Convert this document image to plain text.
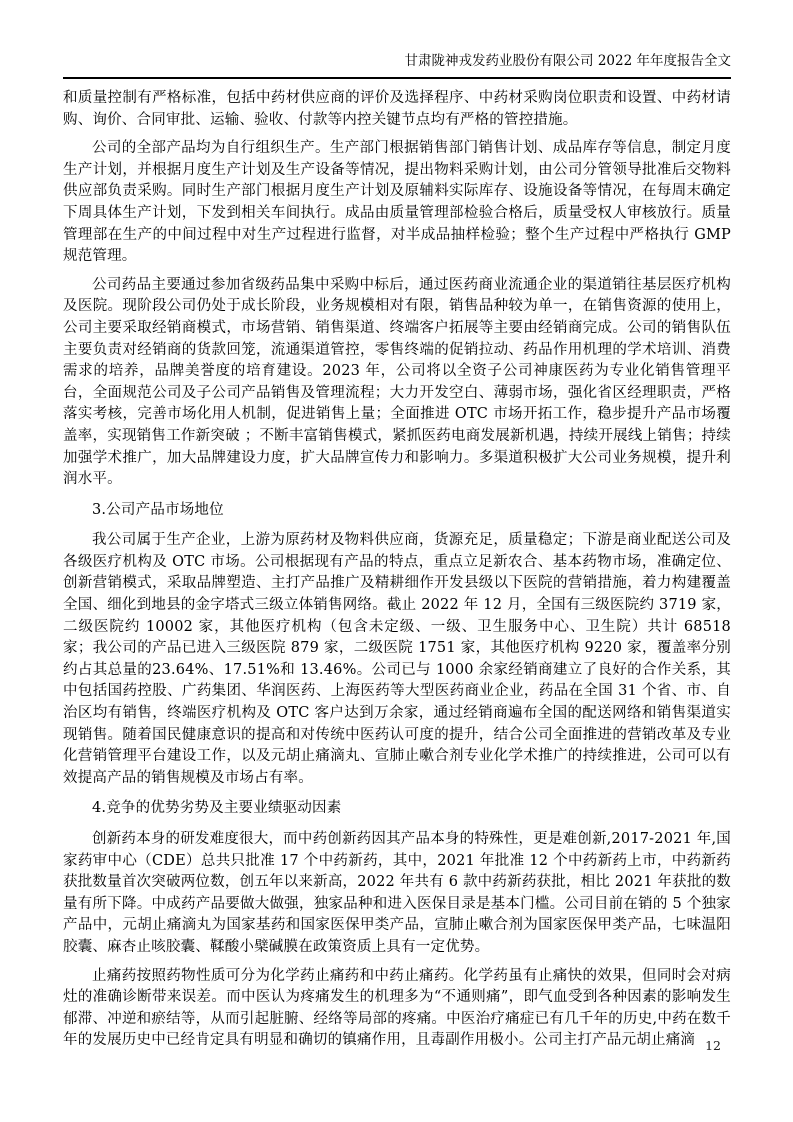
甘肃陇神戎发药业股份有限公司 2022 年年度报告全文

和质量控制有严格标准，包括中药材供应商的评价及选择程序、中药材采购岗位职责和设置、中药材请购、询价、合同审批、运输、验收、付款等内控关键节点均有严格的管控措施。

公司的全部产品均为自行组织生产。生产部门根据销售部门销售计划、成品库存等信息，制定月度生产计划，并根据月度生产计划及生产设备等情况，提出物料采购计划，由公司分管领导批准后交物料供应部负责采购。同时生产部门根据月度生产计划及原辅料实际库存、设施设备等情况，在每周末确定下周具体生产计划，下发到相关车间执行。成品由质量管理部检验合格后，质量受权人审核放行。质量管理部在生产的中间过程中对生产过程进行监督，对半成品抽样检验；整个生产过程中严格执行 GMP 规范管理。

公司药品主要通过参加省级药品集中采购中标后，通过医药商业流通企业的渠道销往基层医疗机构及医院。现阶段公司仍处于成长阶段，业务规模相对有限，销售品种较为单一，在销售资源的使用上，公司主要采取经销商模式，市场营销、销售渠道、终端客户拓展等主要由经销商完成。公司的销售队伍主要负责对经销商的货款回笼，流通渠道管控，零售终端的促销拉动、药品作用机理的学术培训、消费需求的培养，品牌美誉度的培育建设。2023 年，公司将以全资子公司神康医药为专业化销售管理平台，全面规范公司及子公司产品销售及管理流程；大力开发空白、薄弱市场，强化省区经理职责，严格落实考核，完善市场化用人机制，促进销售上量；全面推进 OTC 市场开拓工作，稳步提升产品市场覆盖率，实现销售工作新突破 ；不断丰富销售模式，紧抓医药电商发展新机遇，持续开展线上销售；持续加强学术推广，加大品牌建设力度，扩大品牌宣传力和影响力。多渠道积极扩大公司业务规模，提升利润水平。

3.公司产品市场地位

我公司属于生产企业，上游为原药材及物料供应商，货源充足，质量稳定；下游是商业配送公司及各级医疗机构及 OTC 市场。公司根据现有产品的特点，重点立足新农合、基本药物市场，准确定位、创新营销模式，采取品牌塑造、主打产品推广及精耕细作开发县级以下医院的营销措施，着力构建覆盖全国、细化到地县的金字塔式三级立体销售网络。截止 2022 年 12 月，全国有三级医院约 3719 家，二级医院约 10002 家，其他医疗机构（包含未定级、一级、卫生服务中心、卫生院）共计 68518 家；我公司的产品已进入三级医院 879 家，二级医院 1751 家，其他医疗机构 9220 家，覆盖率分别约占其总量的23.64%、17.51%和 13.46%。公司已与 1000 余家经销商建立了良好的合作关系，其中包括国药控股、广药集团、华润医药、上海医药等大型医药商业企业，药品在全国 31 个省、市、自治区均有销售，终端医疗机构及 OTC 客户达到万余家，通过经销商遍布全国的配送网络和销售渠道实现销售。随着国民健康意识的提高和对传统中医药认可度的提升，结合公司全面推进的营销改革及专业化营销管理平台建设工作，以及元胡止痛滴丸、宣肺止嗽合剂专业化学术推广的持续推进，公司可以有效提高产品的销售规模及市场占有率。

4.竞争的优势劣势及主要业绩驱动因素

创新药本身的研发难度很大，而中药创新药因其产品本身的特殊性，更是难创新,2017-2021 年,国家药审中心（CDE）总共只批准 17 个中药新药，其中，2021 年批准 12 个中药新药上市，中药新药获批数量首次突破两位数，创五年以来新高，2022 年共有 6 款中药新药获批，相比 2021 年获批的数量有所下降。中成药产品要做大做强，独家品种和进入医保目录是基本门槛。公司目前在销的 5 个独家产品中，元胡止痛滴丸为国家基药和国家医保甲类产品，宣肺止嗽合剂为国家医保甲类产品，七味温阳胶囊、麻杏止咳胶囊、鞣酸小檗碱膜在政策资质上具有一定优势。

止痛药按照药物性质可分为化学药止痛药和中药止痛药。化学药虽有止痛快的效果，但同时会对病灶的准确诊断带来误差。而中医认为疼痛发生的机理多为“不通则痛”，即气血受到各种因素的影响发生郁滞、冲逆和瘀结等，从而引起脏腑、经络等局部的疼痛。中医治疗痛症已有几千年的历史,中药在数千年的发展历史中已经肯定具有明显和确切的镇痛作用，且毒副作用极小。公司主打产品元胡止痛滴 12
